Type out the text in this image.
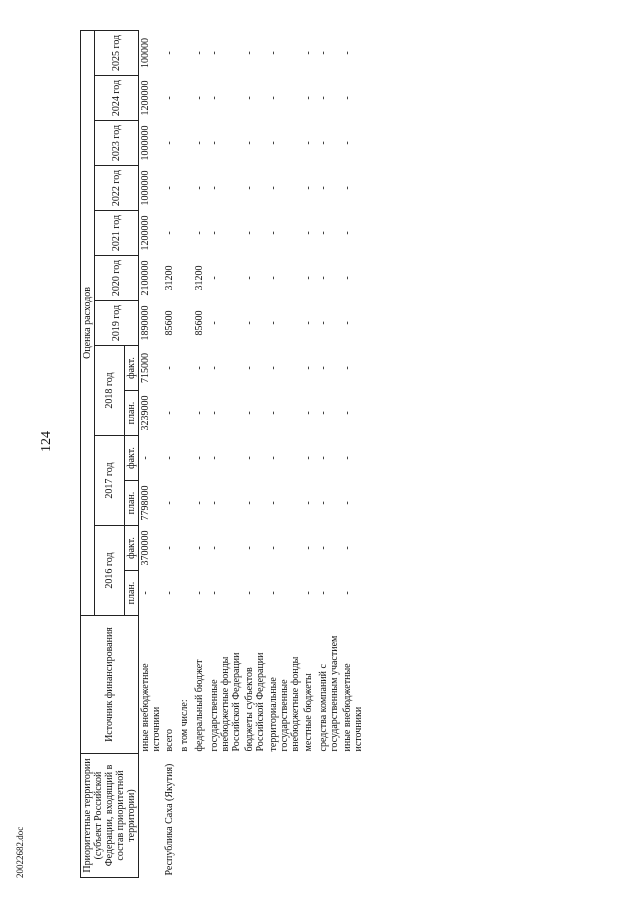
124
Приоритетные территории (субъект Российской Федерации, входящий в состав приоритетной территории)	Источник финансирования	Оценка расходов												
		2016 год		2017 год		2018 год		2019 год	2020 год	2021 год	2022 год	2023 год	2024 год	2025 год
		план.	факт.	план.	факт.	план.	факт.							
	иные внебюджетные источники	-	3700000	7798000	-	3239000	715000	1890000	2100000	1200000	1000000	1000000	1200000	100000
Республика Саха (Якутия)	всего	-	-	-	-	-	-	85600	31200	-	-	-	-	-
	в том числе:													
	федеральный бюджет	-	-	-	-	-	-	85600	31200	-	-	-	-	-
	государственные внебюджетные фонды Российской Федерации	-	-	-	-	-	-	-	-	-	-	-	-	-
	бюджеты субъектов Российской Федерации	-	-	-	-	-	-	-	-	-	-	-	-	-
	территориальные государственные внебюджетные фонды	-	-	-	-	-	-	-	-	-	-	-	-	-
	местные бюджеты	-	-	-	-	-	-	-	-	-	-	-	-	-
	средства компаний с государственным участием	-	-	-	-	-	-	-	-	-	-	-	-	-
	иные внебюджетные источники	-	-	-	-	-	-	-	-	-	-	-	-	-
20022682.doc
